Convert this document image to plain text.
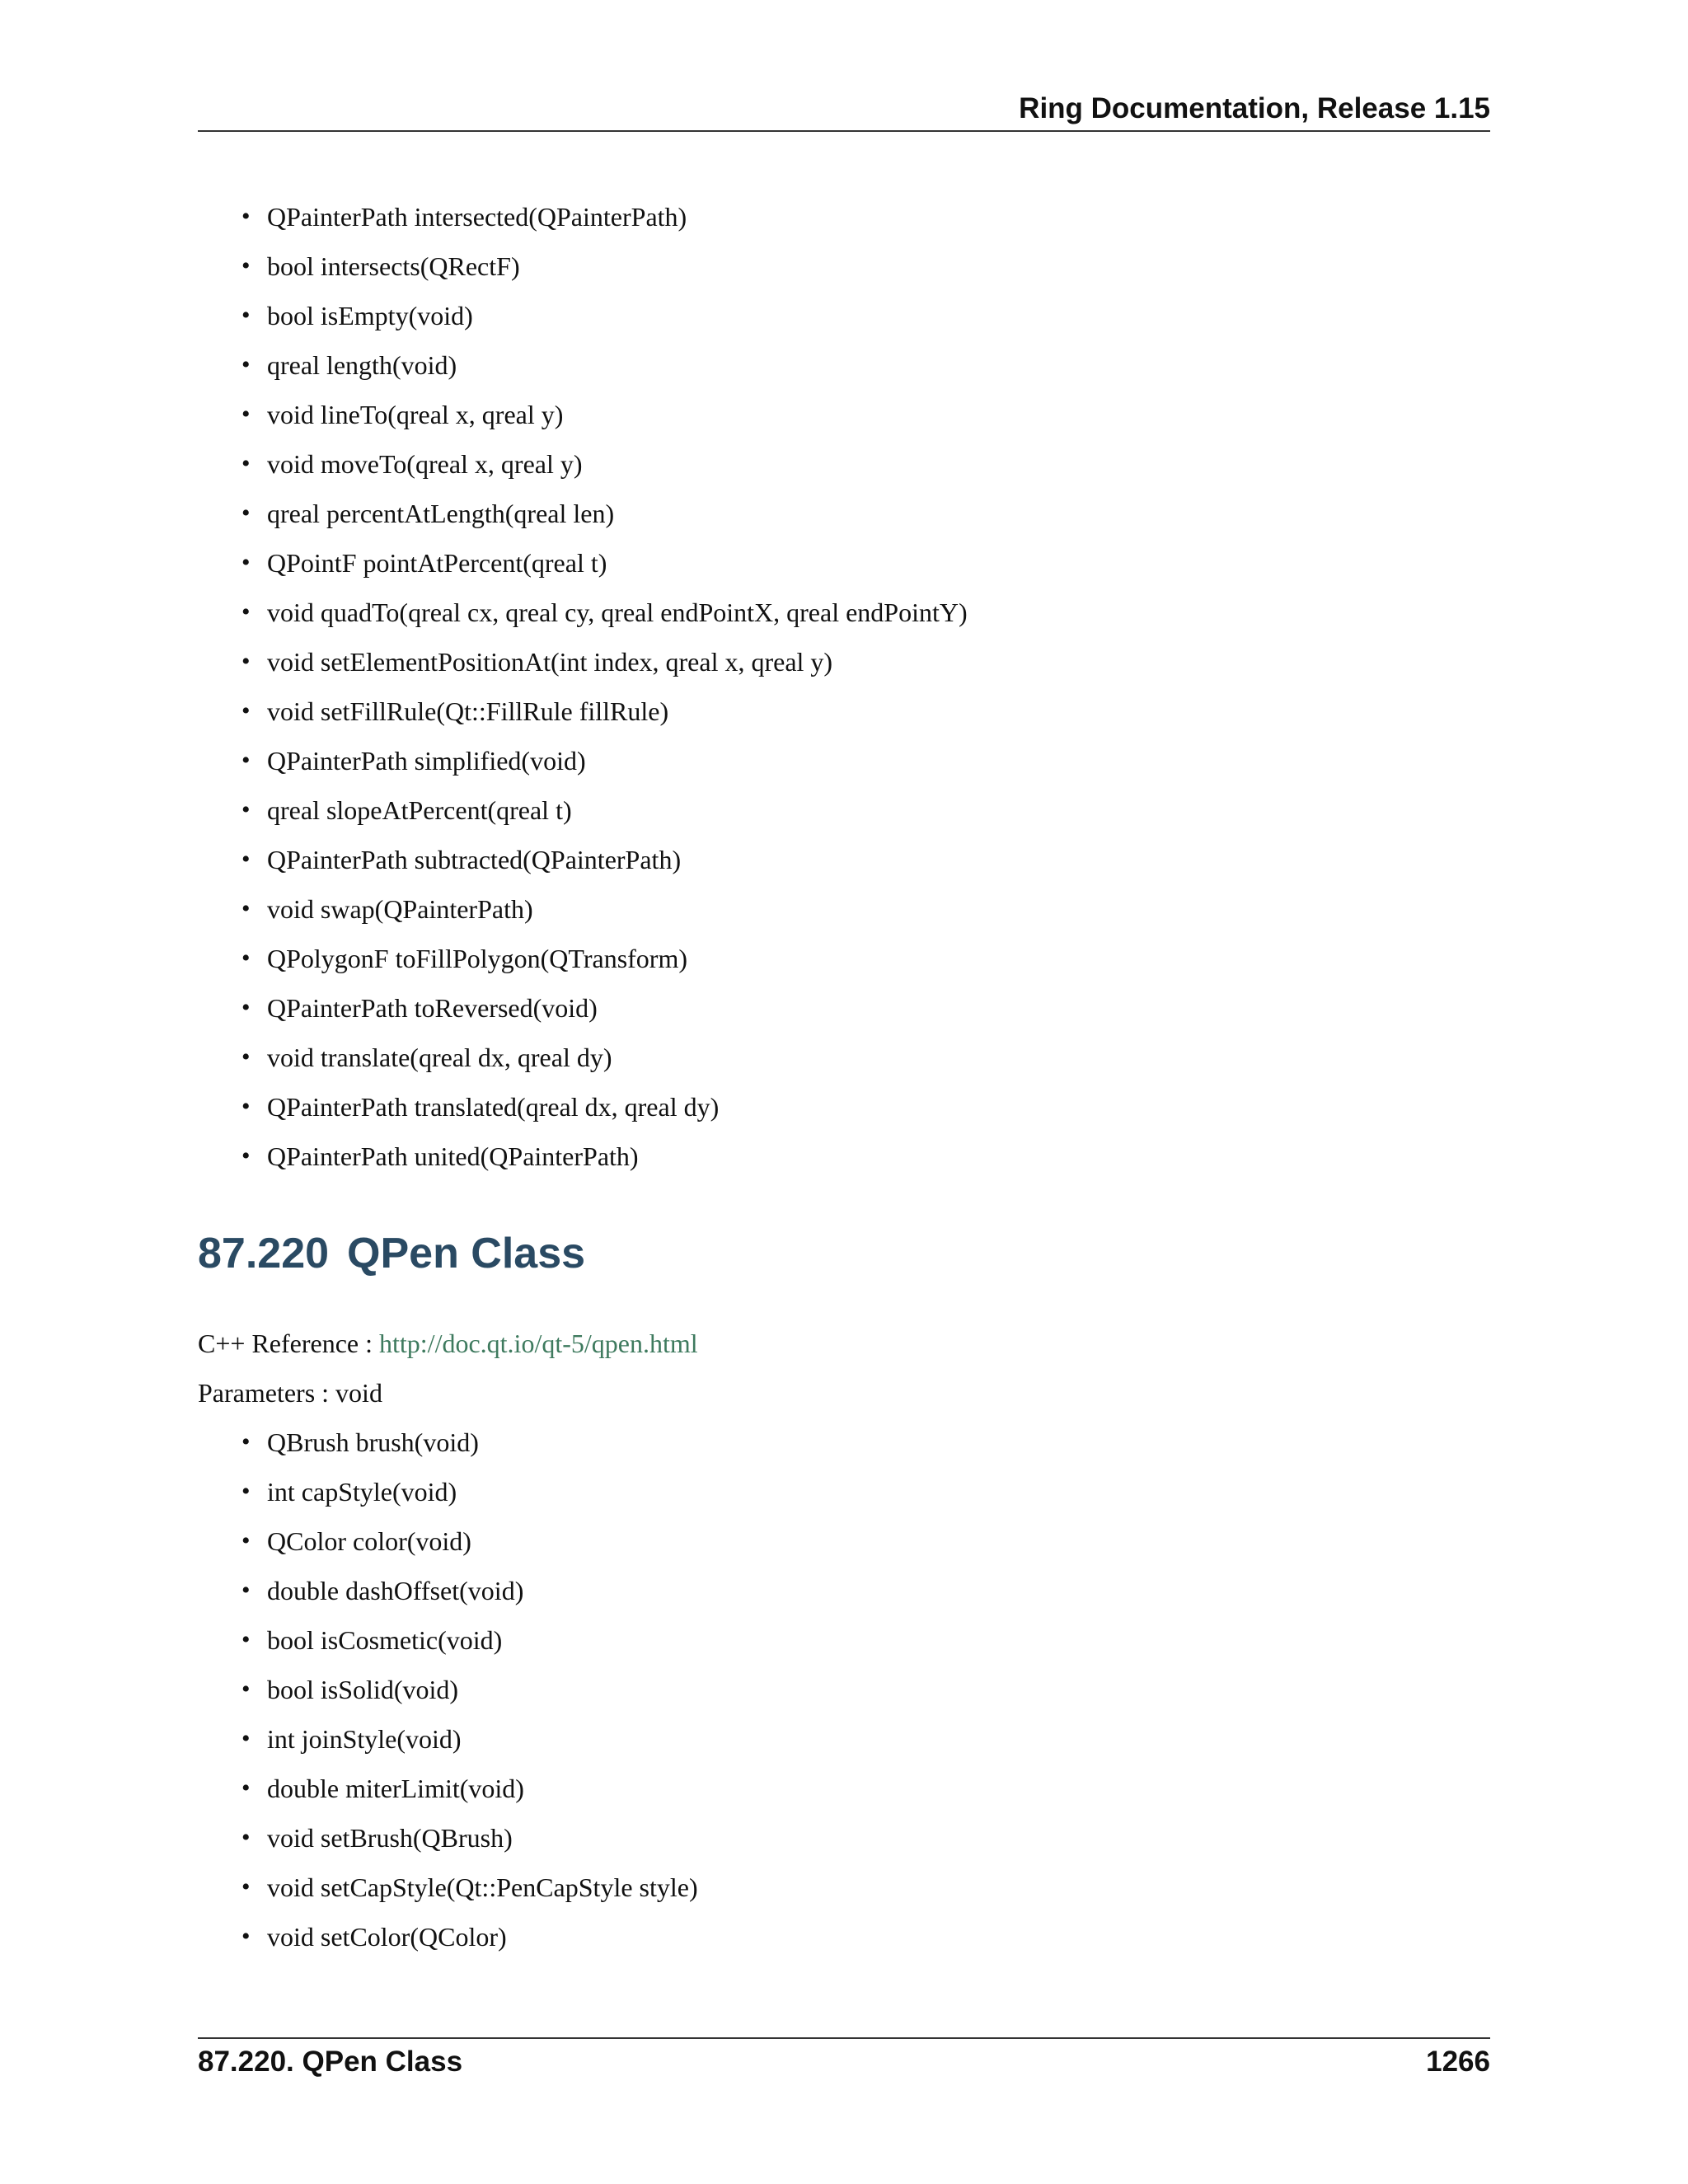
Ring Documentation, Release 1.15
• QPainterPath intersected(QPainterPath)
• bool intersects(QRectF)
• bool isEmpty(void)
• qreal length(void)
• void lineTo(qreal x, qreal y)
• void moveTo(qreal x, qreal y)
• qreal percentAtLength(qreal len)
• QPointF pointAtPercent(qreal t)
• void quadTo(qreal cx, qreal cy, qreal endPointX, qreal endPointY)
• void setElementPositionAt(int index, qreal x, qreal y)
• void setFillRule(Qt::FillRule fillRule)
• QPainterPath simplified(void)
• qreal slopeAtPercent(qreal t)
• QPainterPath subtracted(QPainterPath)
• void swap(QPainterPath)
• QPolygonF toFillPolygon(QTransform)
• QPainterPath toReversed(void)
• void translate(qreal dx, qreal dy)
• QPainterPath translated(qreal dx, qreal dy)
• QPainterPath united(QPainterPath)
87.220 QPen Class
C++ Reference : http://doc.qt.io/qt-5/qpen.html
Parameters : void
• QBrush brush(void)
• int capStyle(void)
• QColor color(void)
• double dashOffset(void)
• bool isCosmetic(void)
• bool isSolid(void)
• int joinStyle(void)
• double miterLimit(void)
• void setBrush(QBrush)
• void setCapStyle(Qt::PenCapStyle style)
• void setColor(QColor)
87.220. QPen Class	1266
